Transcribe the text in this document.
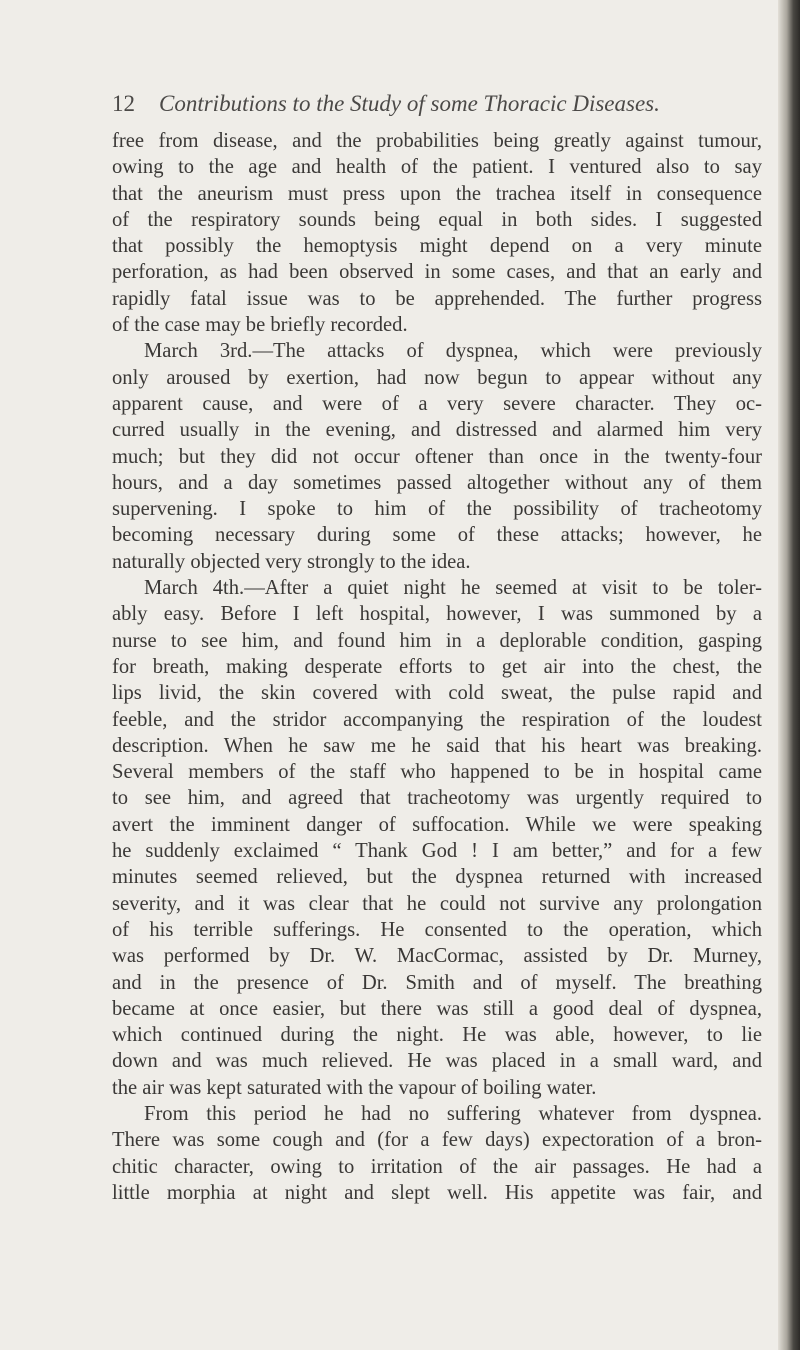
12 Contributions to the Study of some Thoracic Diseases.
free from disease, and the probabilities being greatly against tumour,
owing to the age and health of the patient. I ventured also to say
that the aneurism must press upon the trachea itself in consequence
of the respiratory sounds being equal in both sides. I suggested
that possibly the hemoptysis might depend on a very minute
perforation, as had been observed in some cases, and that an early and
rapidly fatal issue was to be apprehended. The further progress
of the case may be briefly recorded.
March 3rd.—The attacks of dyspnea, which were previously
only aroused by exertion, had now begun to appear without any
apparent cause, and were of a very severe character. They oc-
curred usually in the evening, and distressed and alarmed him very
much; but they did not occur oftener than once in the twenty-four
hours, and a day sometimes passed altogether without any of them
supervening. I spoke to him of the possibility of tracheotomy
becoming necessary during some of these attacks; however, he
naturally objected very strongly to the idea.
March 4th.—After a quiet night he seemed at visit to be toler-
ably easy. Before I left hospital, however, I was summoned by a
nurse to see him, and found him in a deplorable condition, gasping
for breath, making desperate efforts to get air into the chest, the
lips livid, the skin covered with cold sweat, the pulse rapid and
feeble, and the stridor accompanying the respiration of the loudest
description. When he saw me he said that his heart was breaking.
Several members of the staff who happened to be in hospital came
to see him, and agreed that tracheotomy was urgently required to
avert the imminent danger of suffocation. While we were speaking
he suddenly exclaimed “ Thank God ! I am better,” and for a few
minutes seemed relieved, but the dyspnea returned with increased
severity, and it was clear that he could not survive any prolongation
of his terrible sufferings. He consented to the operation, which
was performed by Dr. W. MacCormac, assisted by Dr. Murney,
and in the presence of Dr. Smith and of myself. The breathing
became at once easier, but there was still a good deal of dyspnea,
which continued during the night. He was able, however, to lie
down and was much relieved. He was placed in a small ward, and
the air was kept saturated with the vapour of boiling water.
From this period he had no suffering whatever from dyspnea.
There was some cough and (for a few days) expectoration of a bron-
chitic character, owing to irritation of the air passages. He had a
little morphia at night and slept well. His appetite was fair, and
